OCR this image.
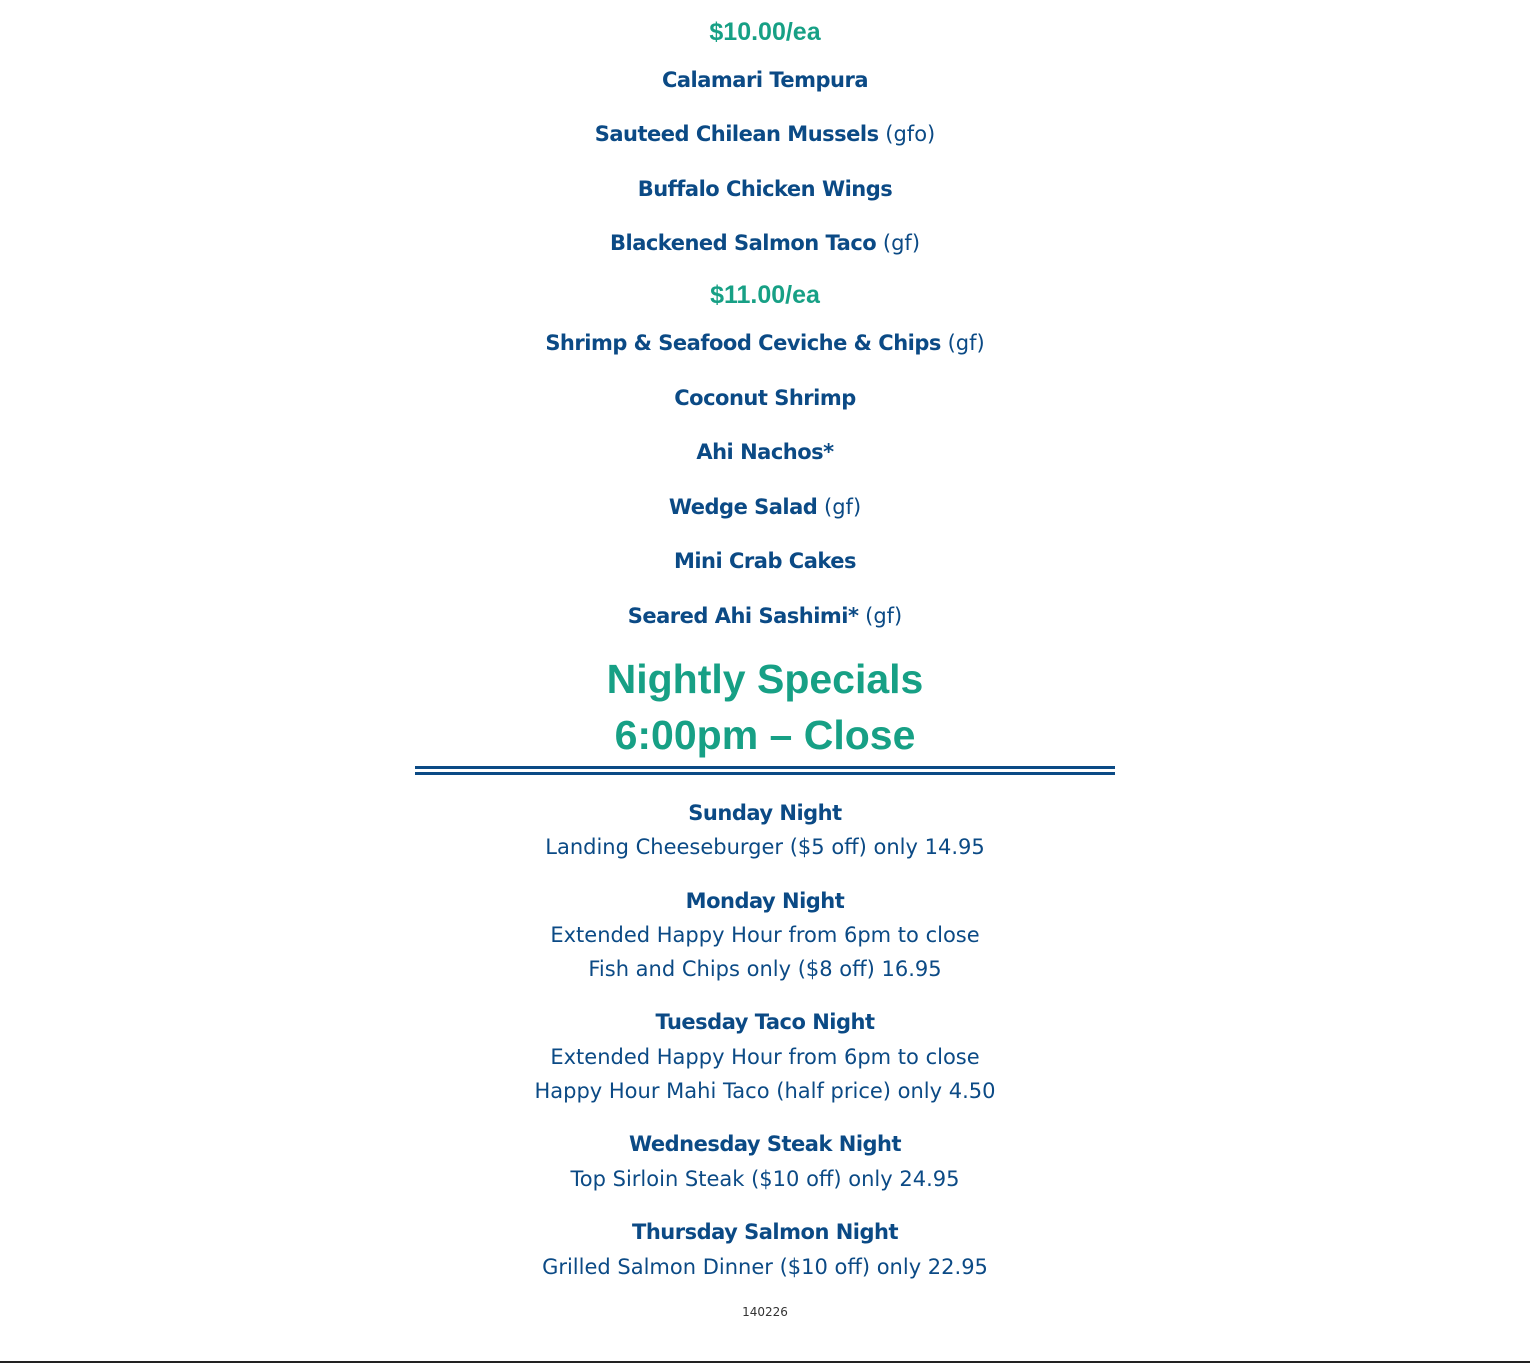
$10.00/ea

Calamari Tempura

Sauteed Chilean Mussels (gfo)

Buffalo Chicken Wings

Blackened Salmon Taco (gf)

$11.00/ea

Shrimp & Seafood Ceviche & Chips (gf)

Coconut Shrimp

Ahi Nachos*

Wedge Salad (gf)

Mini Crab Cakes

Seared Ahi Sashimi* (gf)

Nightly Specials

6:00pm – Close

Sunday Night

Landing Cheeseburger ($5 off) only 14.95

Monday Night

Extended Happy Hour from 6pm to close

Fish and Chips only ($8 off) 16.95

Tuesday Taco Night

Extended Happy Hour from 6pm to close

Happy Hour Mahi Taco (half price) only 4.50

Wednesday Steak Night

Top Sirloin Steak ($10 off) only 24.95

Thursday Salmon Night

Grilled Salmon Dinner ($10 off) only 22.95

140226
